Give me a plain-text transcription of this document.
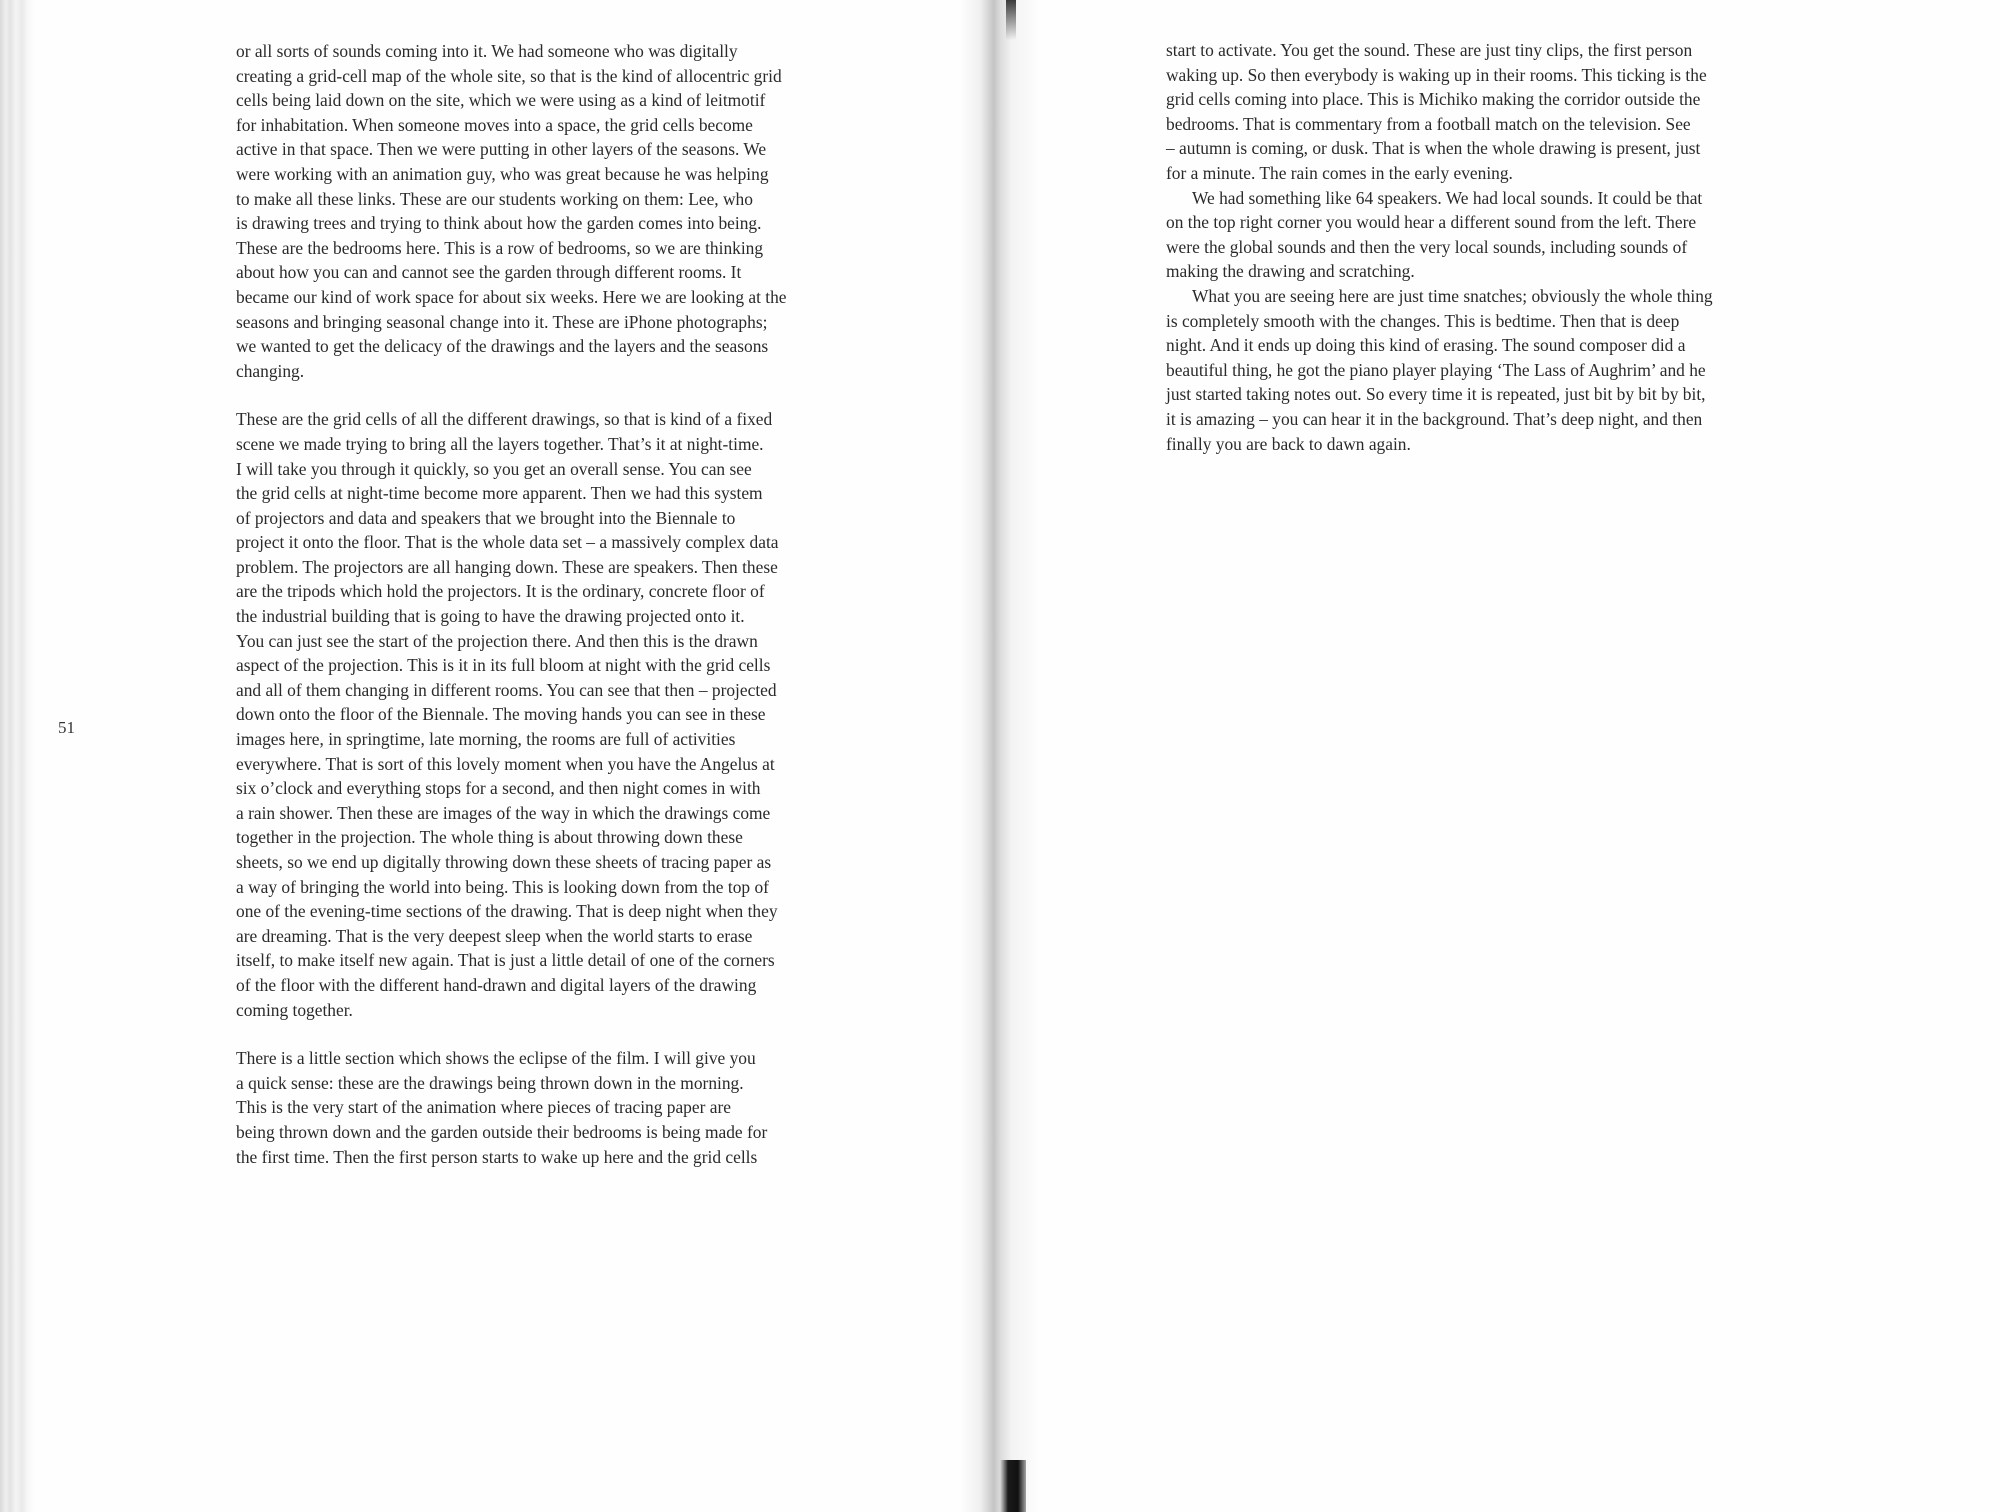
51
or all sorts of sounds coming into it. We had someone who was digitally
creating a grid-cell map of the whole site, so that is the kind of allocentric grid
cells being laid down on the site, which we were using as a kind of leitmotif
for inhabitation. When someone moves into a space, the grid cells become
active in that space. Then we were putting in other layers of the seasons. We
were working with an animation guy, who was great because he was helping
to make all these links. These are our students working on them: Lee, who
is drawing trees and trying to think about how the garden comes into being.
These are the bedrooms here. This is a row of bedrooms, so we are thinking
about how you can and cannot see the garden through different rooms. It
became our kind of work space for about six weeks. Here we are looking at the
seasons and bringing seasonal change into it. These are iPhone photographs;
we wanted to get the delicacy of the drawings and the layers and the seasons
changing.
These are the grid cells of all the different drawings, so that is kind of a fixed
scene we made trying to bring all the layers together. That’s it at night-time.
I will take you through it quickly, so you get an overall sense. You can see
the grid cells at night-time become more apparent. Then we had this system
of projectors and data and speakers that we brought into the Biennale to
project it onto the floor. That is the whole data set – a massively complex data
problem. The projectors are all hanging down. These are speakers. Then these
are the tripods which hold the projectors. It is the ordinary, concrete floor of
the industrial building that is going to have the drawing projected onto it.
You can just see the start of the projection there. And then this is the drawn
aspect of the projection. This is it in its full bloom at night with the grid cells
and all of them changing in different rooms. You can see that then – projected
down onto the floor of the Biennale. The moving hands you can see in these
images here, in springtime, late morning, the rooms are full of activities
everywhere. That is sort of this lovely moment when you have the Angelus at
six o’clock and everything stops for a second, and then night comes in with
a rain shower. Then these are images of the way in which the drawings come
together in the projection. The whole thing is about throwing down these
sheets, so we end up digitally throwing down these sheets of tracing paper as
a way of bringing the world into being. This is looking down from the top of
one of the evening-time sections of the drawing. That is deep night when they
are dreaming. That is the very deepest sleep when the world starts to erase
itself, to make itself new again. That is just a little detail of one of the corners
of the floor with the different hand-drawn and digital layers of the drawing
coming together.
There is a little section which shows the eclipse of the film. I will give you
a quick sense: these are the drawings being thrown down in the morning.
This is the very start of the animation where pieces of tracing paper are
being thrown down and the garden outside their bedrooms is being made for
the first time. Then the first person starts to wake up here and the grid cells
start to activate. You get the sound. These are just tiny clips, the first person
waking up. So then everybody is waking up in their rooms. This ticking is the
grid cells coming into place. This is Michiko making the corridor outside the
bedrooms. That is commentary from a football match on the television. See
– autumn is coming, or dusk. That is when the whole drawing is present, just
for a minute. The rain comes in the early evening.
We had something like 64 speakers. We had local sounds. It could be that
on the top right corner you would hear a different sound from the left. There
were the global sounds and then the very local sounds, including sounds of
making the drawing and scratching.
What you are seeing here are just time snatches; obviously the whole thing
is completely smooth with the changes. This is bedtime. Then that is deep
night. And it ends up doing this kind of erasing. The sound composer did a
beautiful thing, he got the piano player playing ‘The Lass of Aughrim’ and he
just started taking notes out. So every time it is repeated, just bit by bit by bit,
it is amazing – you can hear it in the background. That’s deep night, and then
finally you are back to dawn again.
